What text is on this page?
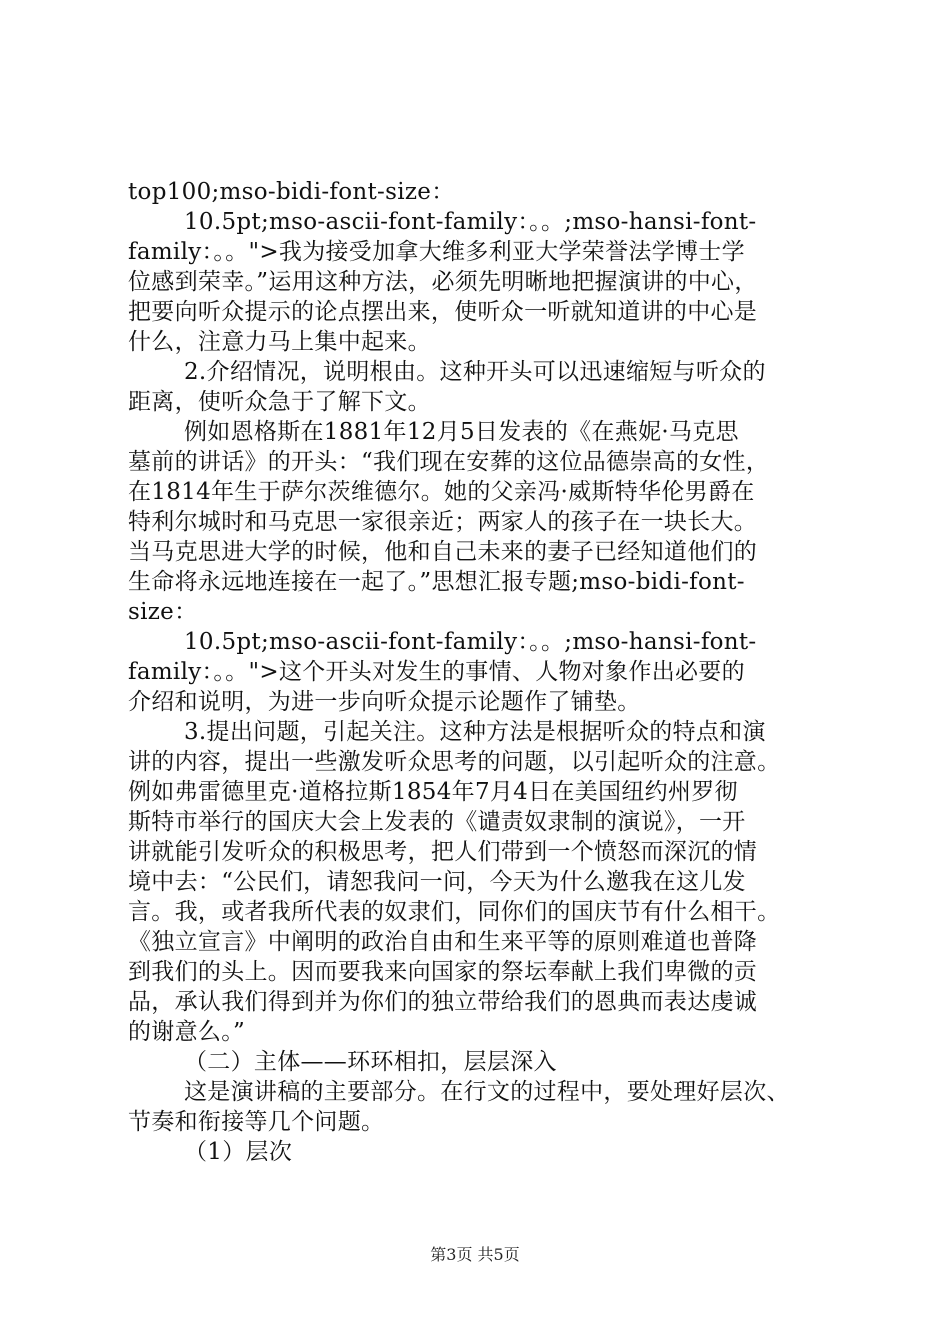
top100;mso-bidi-font-size：
10.5pt;mso-ascii-font-family：。。;mso-hansi-font-
family：。。">我为接受加拿大维多利亚大学荣誉法学博士学
位感到荣幸。”运用这种方法，必须先明晰地把握演讲的中心，
把要向听众提示的论点摆出来，使听众一听就知道讲的中心是
什么，注意力马上集中起来。
2.介绍情况，说明根由。这种开头可以迅速缩短与听众的
距离，使听众急于了解下文。
例如恩格斯在1881年12月5日发表的《在燕妮·马克思
墓前的讲话》的开头：“我们现在安葬的这位品德崇高的女性，
在1814年生于萨尔茨维德尔。她的父亲冯·威斯特华伦男爵在
特利尔城时和马克思一家很亲近；两家人的孩子在一块长大。
当马克思进大学的时候，他和自己未来的妻子已经知道他们的
生命将永远地连接在一起了。”思想汇报专题;mso-bidi-font-
size：
10.5pt;mso-ascii-font-family：。。;mso-hansi-font-
family：。。">这个开头对发生的事情、人物对象作出必要的
介绍和说明，为进一步向听众提示论题作了铺垫。
3.提出问题，引起关注。这种方法是根据听众的特点和演
讲的内容，提出一些激发听众思考的问题，以引起听众的注意。
例如弗雷德里克·道格拉斯1854年7月4日在美国纽约州罗彻
斯特市举行的国庆大会上发表的《谴责奴隶制的演说》，一开
讲就能引发听众的积极思考，把人们带到一个愤怒而深沉的情
境中去：“公民们，请恕我问一问，今天为什么邀我在这儿发
言。我，或者我所代表的奴隶们，同你们的国庆节有什么相干。
《独立宣言》中阐明的政治自由和生来平等的原则难道也普降
到我们的头上。因而要我来向国家的祭坛奉献上我们卑微的贡
品，承认我们得到并为你们的独立带给我们的恩典而表达虔诚
的谢意么。”
（二）主体——环环相扣，层层深入
这是演讲稿的主要部分。在行文的过程中，要处理好层次、
节奏和衔接等几个问题。
（1）层次
第3页 共5页
